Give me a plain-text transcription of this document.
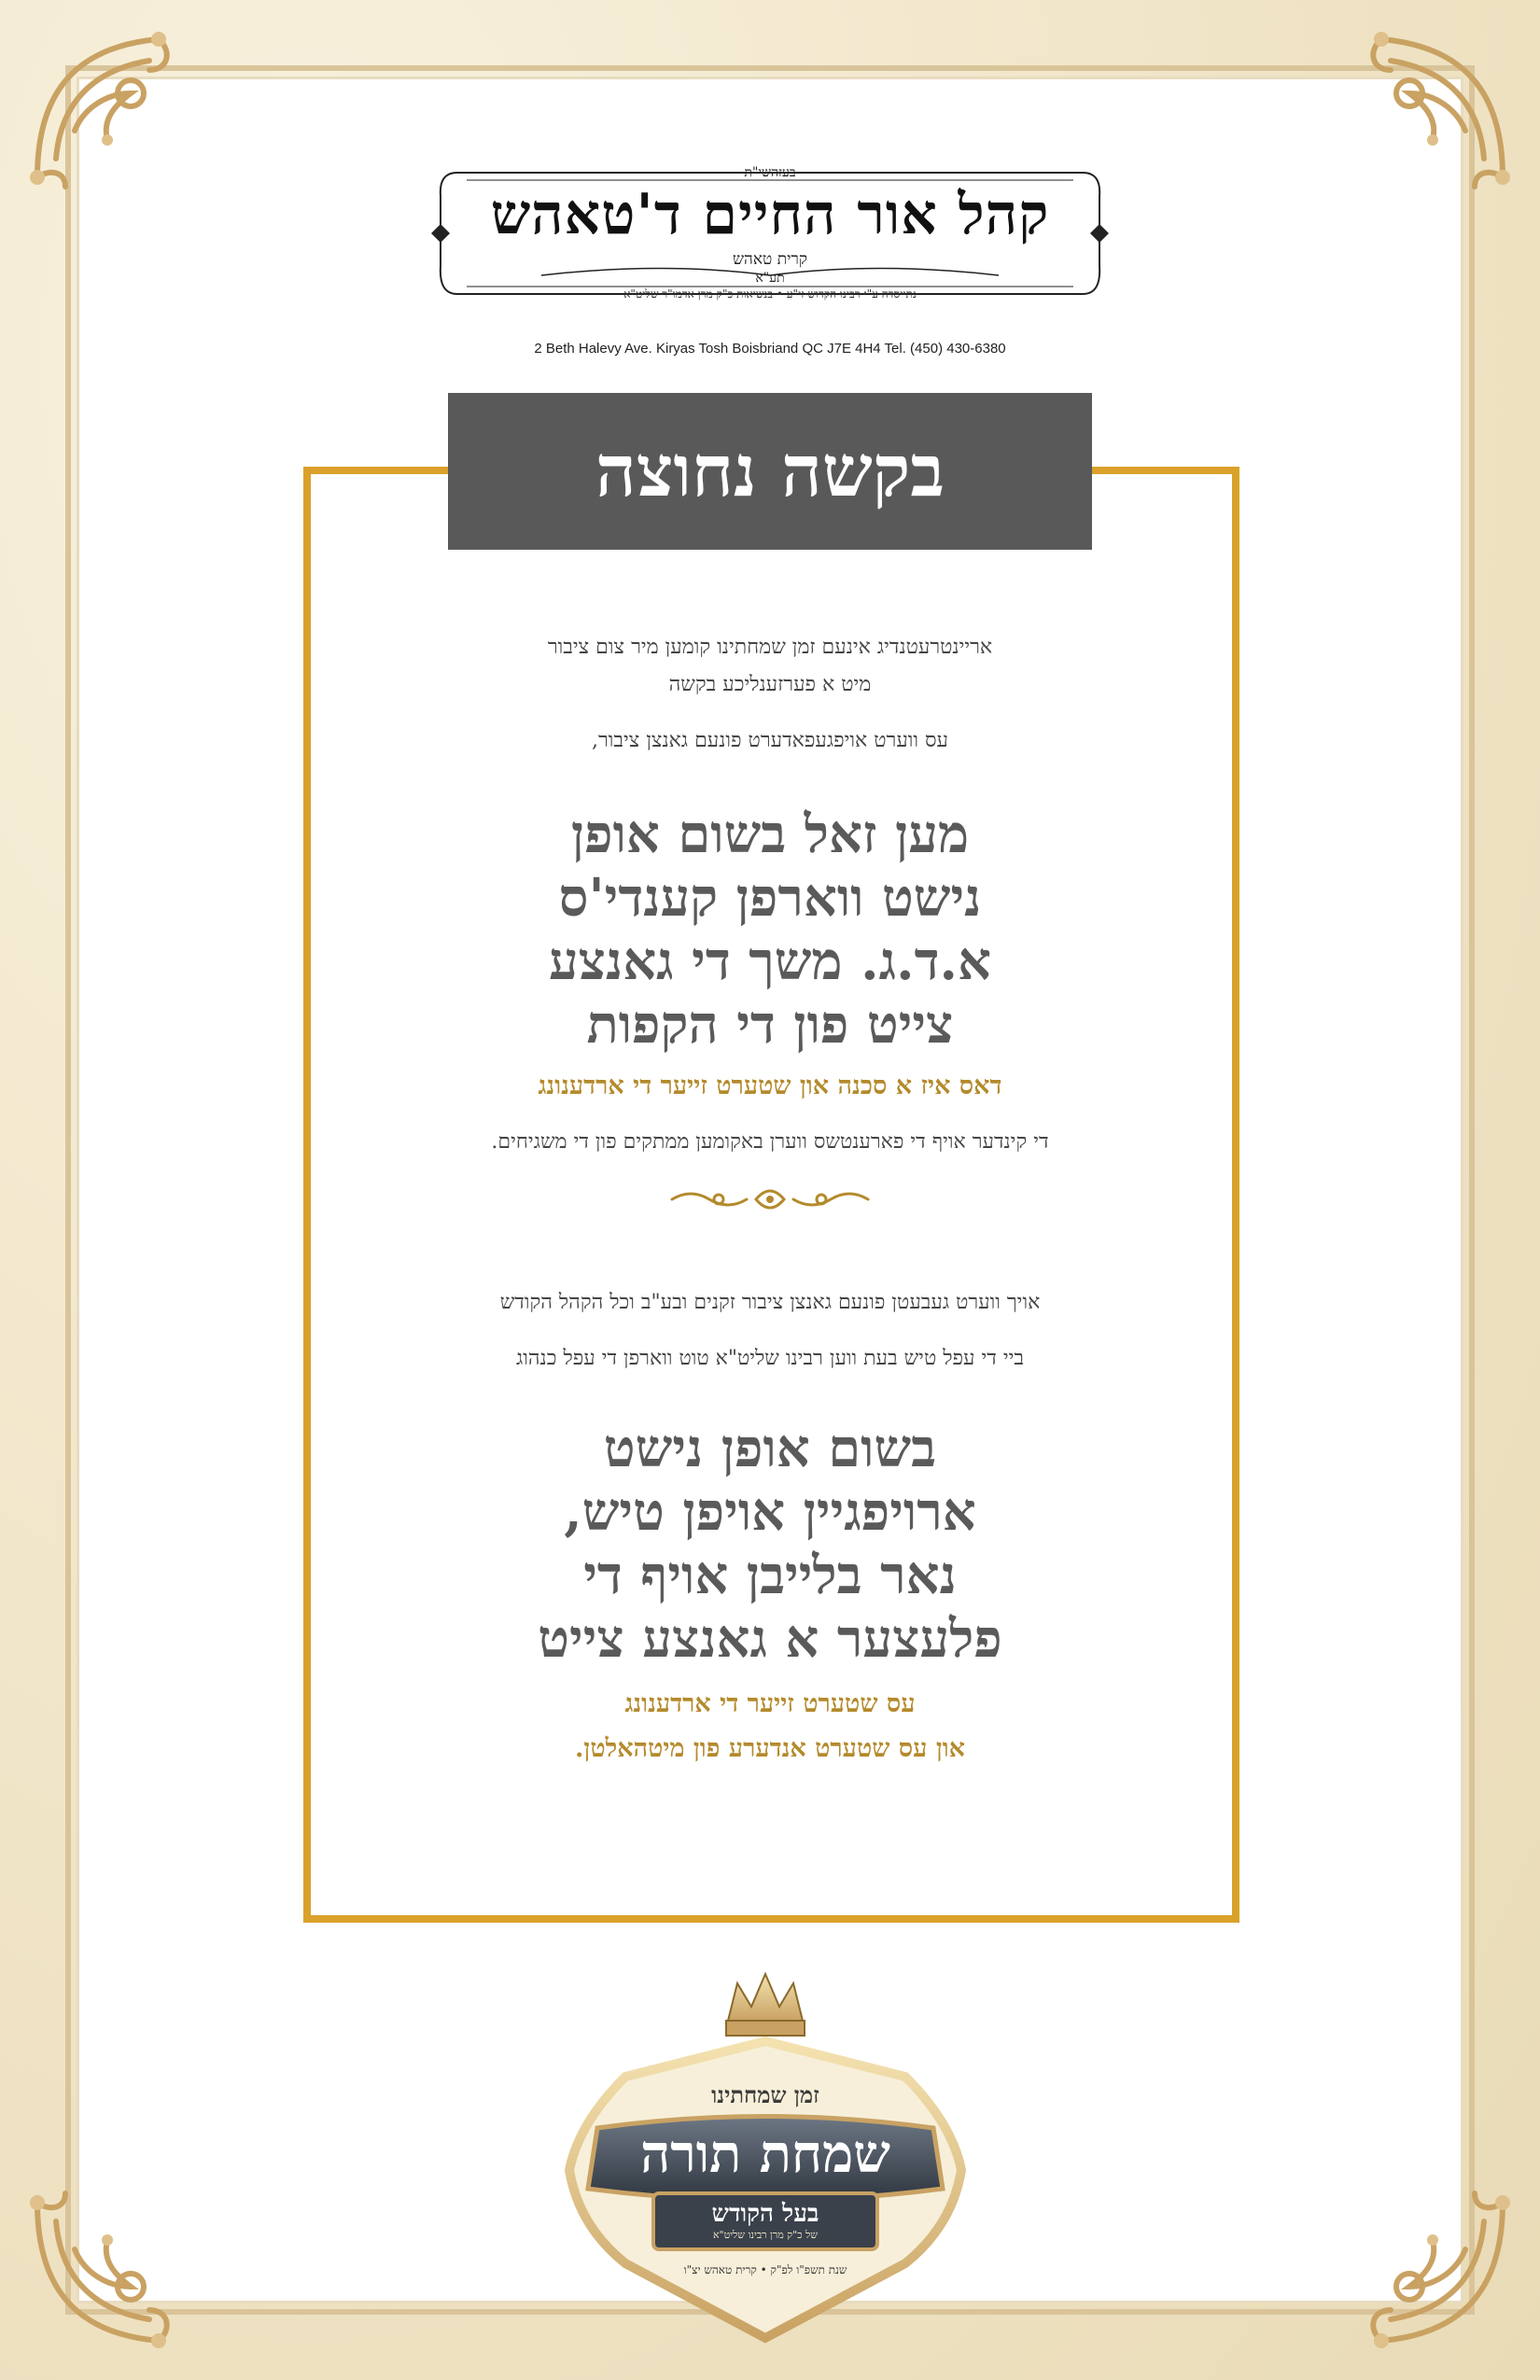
בעזהשי"ת
קהל אור החיים ד'טאהש
קרית טאהש
תע"א
נתייסדה ע"י רבינו הקדוש זי"ע • בנשיאות כ"ק מרן אדמו"ר שליט"א
2 Beth Halevy Ave. Kiryas Tosh Boisbriand QC J7E 4H4 Tel. (450) 430-6380
בקשה נחוצה
אריינטרעטנדיג אינעם זמן שמחתינו קומען מיר צום ציבור
מיט א פערזענליכע בקשה
עס ווערט אויפגעפאדערט פונעם גאנצן ציבור,
מען זאל בשום אופן
נישט ווארפן קענדי'ס
א.ד.ג. משך די גאנצע
צייט פון די הקפות
דאס איז א סכנה און שטערט זייער די ארדענונג
די קינדער אויף די פארענטשס ווערן באקומען ממתקים פון די משגיחים.
אויך ווערט געבעטן פונעם גאנצן ציבור זקנים ובע"ב וכל הקהל הקודש
ביי די עפל טיש בעת ווען רבינו שליט"א טוט ווארפן די עפל כנהוג
בשום אופן נישט
ארויפגיין אויפן טיש,
נאר בלייבן אויף די
פלעצער א גאנצע צייט
עס שטערט זייער די ארדענונג
און עס שטערט אנדערע פון מיטהאלטן.
זמן שמחתינו
שמחת תורה
בעל הקודש
של כ"ק מרן רבינו שליט"א
שנת תשפ"ו לפ"ק • קרית טאהש יצ"ו
